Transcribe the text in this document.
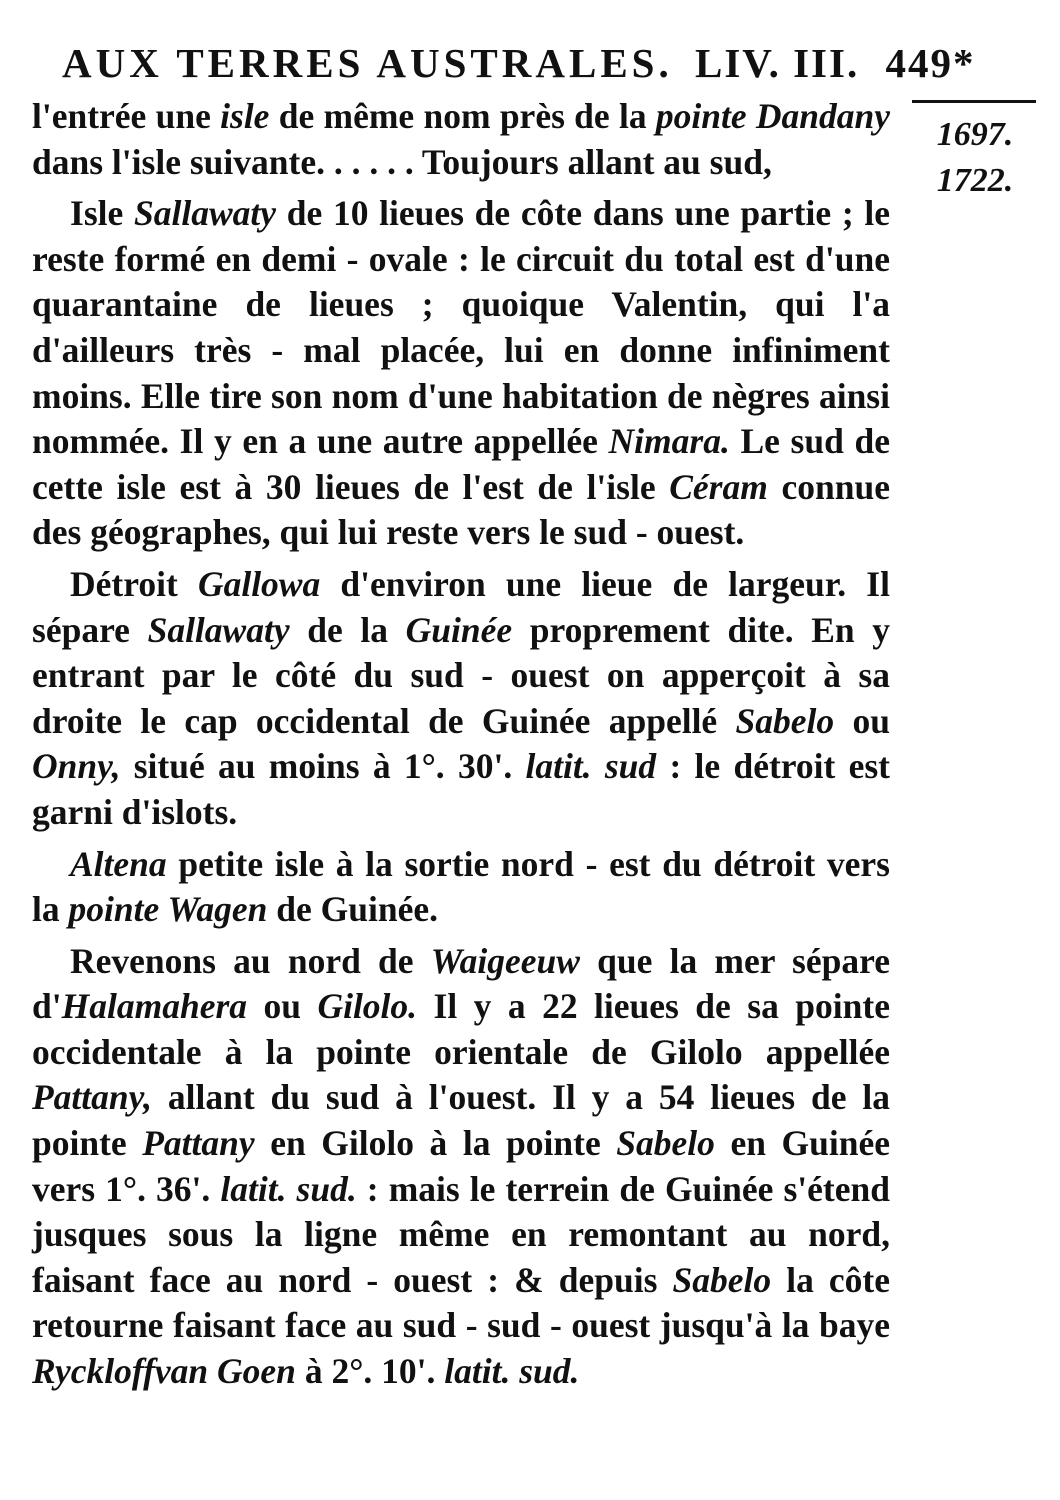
AUX TERRES AUSTRALES. LIV. III. 449*
1697.
1722.

l'entrée une isle de même nom près de la pointe Dandany dans l'isle suivante. . . . . . Toujours allant au sud,

Isle Sallawaty de 10 lieues de côte dans une partie ; le reste formé en demi - ovale : le circuit du total est d'une quarantaine de lieues ; quoique Valentin, qui l'a d'ailleurs très - mal placée, lui en donne infiniment moins. Elle tire son nom d'une habitation de nègres ainsi nommée. Il y en a une autre appellée Nimara. Le sud de cette isle est à 30 lieues de l'est de l'isle Céram connue des géographes, qui lui reste vers le sud - ouest.

Détroit Gallowa d'environ une lieue de largeur. Il sépare Sallawaty de la Guinée proprement dite. En y entrant par le côté du sud - ouest on apperçoit à sa droite le cap occidental de Guinée appellé Sabelo ou Onny, situé au moins à 1°. 30'. latit. sud : le détroit est garni d'islots.

Altena petite isle à la sortie nord - est du détroit vers la pointe Wagen de Guinée.

Revenons au nord de Waigeeuw que la mer sépare d'Halamahera ou Gilolo. Il y a 22 lieues de sa pointe occidentale à la pointe orientale de Gilolo appellée Pattany, allant du sud à l'ouest. Il y a 54 lieues de la pointe Pattany en Gilolo à la pointe Sabelo en Guinée vers 1°. 36'. latit. sud. : mais le terrein de Guinée s'étend jusques sous la ligne même en remontant au nord, faisant face au nord - ouest : & depuis Sabelo la côte retourne faisant face au sud - sud - ouest jusqu'à la baye Ryckloffvan Goen à 2°. 10'. latit. sud.
